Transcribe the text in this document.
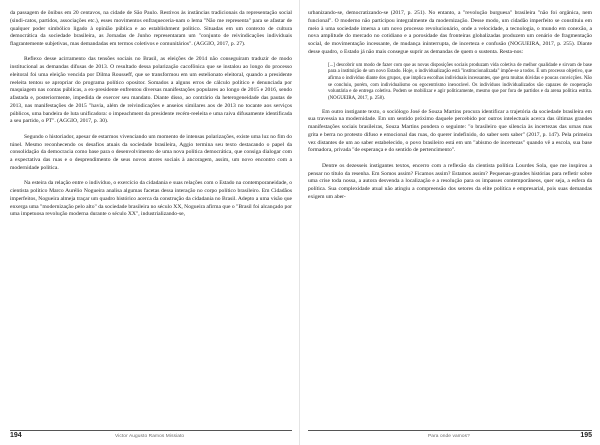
da passagem de ônibus em 20 centavos, na cidade de São Paulo. Restivos às instâncias tradicionais da representação social (sindi-catos, partidos, associações etc.), esses movimentos enfraqueceria-nam o lema "Não me representa" para se afastar de qualquer poder simbólico ligado à opinião pública e ao establishment político. Situadas em um contexto de cultura democrática da sociedade brasileira, as Jornadas de Junho representaram um "conjunto de reivindicações individuais flagrantemente subjetivas, mas demandadas em termos coletivos e comunitários". (AGGIO, 2017, p. 27).

Reflexo desse acirramento das tensões sociais no Brasil, as eleições de 2014 não conseguiram traduzir de modo institucional as demandas difusas de 2013. O resultado dessa polarização cacofônica que se instalou ao longo do processo eleitoral foi uma eleição vencida por Dilma Rousseff, que se transformou em um estelionato eleitoral, quando a presidente reeleita tentou se apropriar do programa político opositor. Somados a alguns erros de cálculo político e denunciada por maquiagem nas contas públicas, a ex-presidente enfrentou diversas manifestações populares ao longo de 2015 e 2016, sendo afastada e, posteriormente, impedida de exercer seu mandato. Diante disso, ao contrário da heterogeneidade das pautas de 2013, nas manifestações de 2015 "havia, além de reivindicações e anseios similares aos de 2013 no tocante aos serviços públicos, uma bandeira de luta unificadora: o impeachment da presidente recém-reeleita e uma raiva difusamente identificada a seu partido, o PT". (AGGIO, 2017, p. 30).

Segundo o historiador, apesar de estarmos vivenciando um momento de intensas polarizações, existe uma luz no fim do túnel. Mesmo reconhecendo os desafios atuais da sociedade brasileira, Aggio termina seu texto destacando o papel da consolidação da democracia como base para o desenvolvimento de uma nova política democrática, que consiga dialogar com a expectativa das ruas e o desprendimento de seus novos atores sociais à ancoragem, assim, um novo encontro com a modernidade política.

Na esteira da relação entre o indivíduo, o exercício da cidadania e suas relações com o Estado na contemporaneidade, o cientista político Marco Aurélio Nogueira analisa algumas facetas dessa interação no corpo político brasileiro. Em Cidadãos imperfeitos, Nogueira almeja traçar um quadro histórico acerca da construção da cidadania no Brasil. Adepto a uma visão que enxerga uma "modernização pelo alto" da sociedade brasileira no século XX, Nogueira afirma que o "Brasil foi alcançado por uma impetuosa revolução moderna durante o século XX", industrializando-se,

194	Victor Augusto Ramos Missiato

urbanizando-se, democratizando-se (2017, p. 251). No entanto, a "revolução burguesa" brasileira "não foi orgânica, nem funcional". O moderno não participou integralmente da modernização. Desse modo, um cidadão imperfeito se constituiu em meio à uma sociedade imersa a um novo processo revolucionário, onde a velocidade, a tecnologia, o mundo em conexão, a nova amplitude do mercado no cotidiano e a porosidade das fronteiras globalizadas produzem um cenário de fragmentação social, de movimentação incessante, de mudança ininterrupta, de incerteza e confusão (NOGUEIRA, 2017, p. 255). Diante desse quadro, o Estado já não mais consegue suprir as demandas de quem o sustenta. Resta-nos:

[...] descobrir um modo de fazer com que as novas disposições sociais produzam vida coletiva de melhor qualidade e sirvam de base para a instituição de um novo Estado. Hoje, o individualização está "institucionalizada" impõe-se a todos. É um processo objetivo, que afirma o indivíduo diante dos grupos, que implica escolhas individuais incessantes, que gera muitas dúvidas e poucas convicções. Não se concluiu, porém, com individualismo ou egocentrismo inexorável. Os indivíduos individualizados são capazes de cooperação voluntária e de entrega coletiva. Podem se mobilizar e agir politicamente, mesmo que por fora de partidos e da arena política estrita. (NOGUEIRA, 2017, p. 258).

Em outro instigante texto, o sociólogo José de Souza Martins procura identificar a trajetória da sociedade brasileira em sua travessia na modernidade. Em um sentido próximo daquele percebido por outros intelectuais acerca das últimas grandes manifestações sociais brasileiras, Souza Martins pondera o seguinte: "o brasileiro que silencia às incertezas das urnas mas grita e berra no protesto difuso e emocional das ruas, do querer indefinido, do saber sem saber" (2017, p. 147). Pela primeira vez distantes de um ao saber estabelecido, o povo brasileiro está em um "abismo de incertezas" quando vê a escola, sua base formadora, privada "de esperança e do sentido de pertencimento".

Dentre os dezesseis instigantes textos, encerro com a reflexão da cientista política Lourdes Sola, que me inspirou a pensar no título da resenha. Em Somos assim? Ficamos assim? Estamos assim? Pequenas-grandes histórias para refletir sobre uma crise toda nossa, a autora desvenda a localização e a resolução para os impasses contemporâneos, quer seja, a esfera da política. Sua complexidade atual não atingiu a compreensão dos setores da elite política e empresarial, pois suas demandas exigem um aber-

Para onde vamos?	195
